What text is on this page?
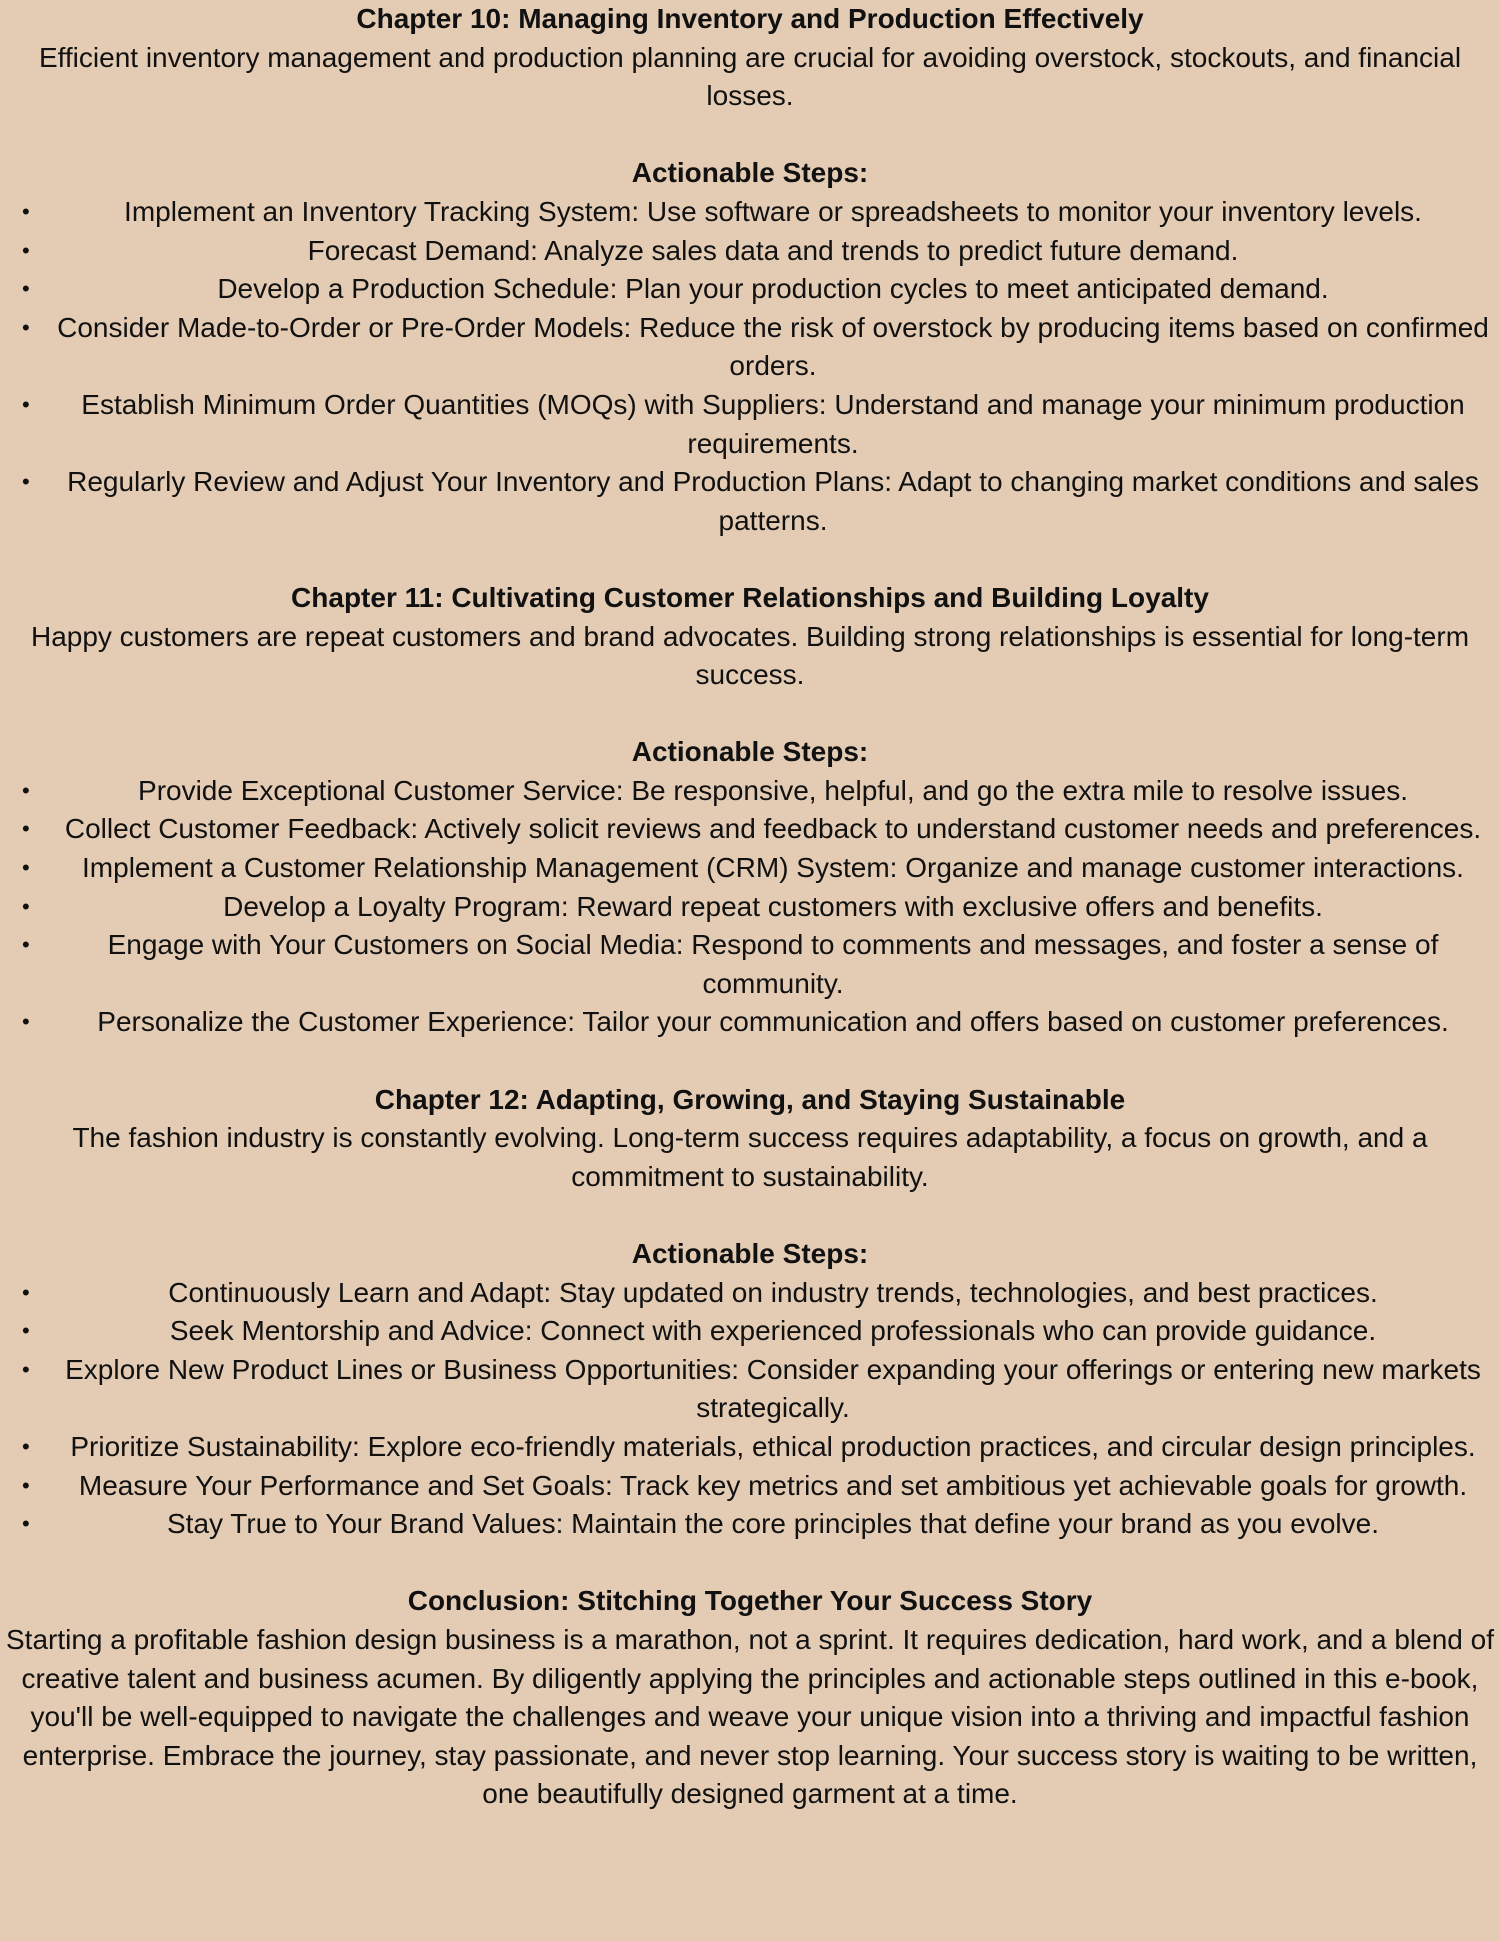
Chapter 10: Managing Inventory and Production Effectively

Efficient inventory management and production planning are crucial for avoiding overstock, stockouts, and financial losses.

Actionable Steps:

•	Implement an Inventory Tracking System: Use software or spreadsheets to monitor your inventory levels.
•	Forecast Demand: Analyze sales data and trends to predict future demand.
•	Develop a Production Schedule: Plan your production cycles to meet anticipated demand.
• Consider Made-to-Order or Pre-Order Models: Reduce the risk of overstock by producing items based on confirmed orders.
• Establish Minimum Order Quantities (MOQs) with Suppliers: Understand and manage your minimum production requirements.
• Regularly Review and Adjust Your Inventory and Production Plans: Adapt to changing market conditions and sales patterns.
Chapter 11: Cultivating Customer Relationships and Building Loyalty

Happy customers are repeat customers and brand advocates. Building strong relationships is essential for long-term success.

Actionable Steps:

•	Provide Exceptional Customer Service: Be responsive, helpful, and go the extra mile to resolve issues.
• Collect Customer Feedback: Actively solicit reviews and feedback to understand customer needs and preferences.
• Implement a Customer Relationship Management (CRM) System: Organize and manage customer interactions.
•	Develop a Loyalty Program: Reward repeat customers with exclusive offers and benefits.
•	Engage with Your Customers on Social Media: Respond to comments and messages, and foster a sense of community.
• Personalize the Customer Experience: Tailor your communication and offers based on customer preferences.
Chapter 12: Adapting, Growing, and Staying Sustainable

The fashion industry is constantly evolving. Long-term success requires adaptability, a focus on growth, and a commitment to sustainability.

Actionable Steps:

•	Continuously Learn and Adapt: Stay updated on industry trends, technologies, and best practices.
•	Seek Mentorship and Advice: Connect with experienced professionals who can provide guidance.
• Explore New Product Lines or Business Opportunities: Consider expanding your offerings or entering new markets strategically.
• Prioritize Sustainability: Explore eco-friendly materials, ethical production practices, and circular design principles.
• Measure Your Performance and Set Goals: Track key metrics and set ambitious yet achievable goals for growth.
•	Stay True to Your Brand Values: Maintain the core principles that define your brand as you evolve.
Conclusion: Stitching Together Your Success Story

Starting a profitable fashion design business is a marathon, not a sprint. It requires dedication, hard work, and a blend of creative talent and business acumen. By diligently applying the principles and actionable steps outlined in this e-book, you'll be well-equipped to navigate the challenges and weave your unique vision into a thriving and impactful fashion enterprise. Embrace the journey, stay passionate, and never stop learning. Your success story is waiting to be written, one beautifully designed garment at a time.
